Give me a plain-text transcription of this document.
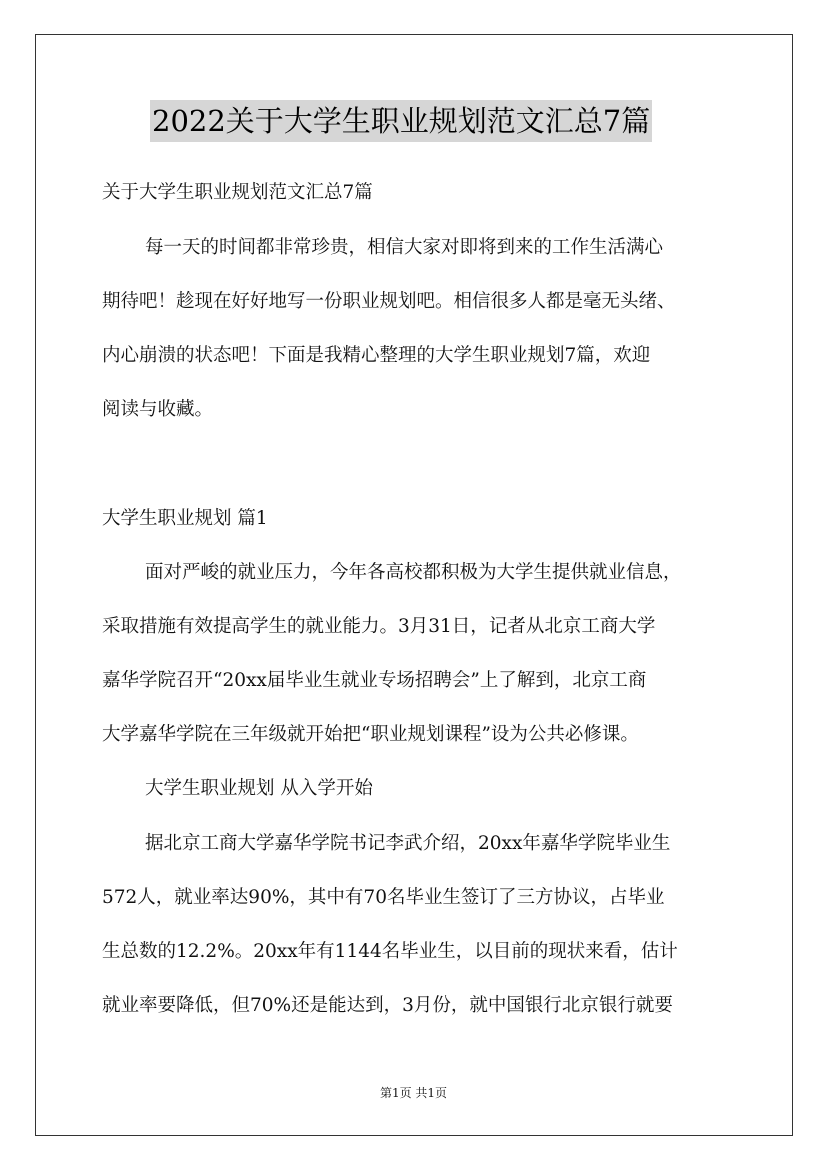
2022关于大学生职业规划范文汇总7篇
关于大学生职业规划范文汇总7篇
每一天的时间都非常珍贵，相信大家对即将到来的工作生活满心
期待吧！趁现在好好地写一份职业规划吧。相信很多人都是毫无头绪、
内心崩溃的状态吧！下面是我精心整理的大学生职业规划7篇，欢迎
阅读与收藏。
大学生职业规划 篇1
面对严峻的就业压力，今年各高校都积极为大学生提供就业信息，
采取措施有效提高学生的就业能力。3月31日，记者从北京工商大学
嘉华学院召开“20xx届毕业生就业专场招聘会”上了解到，北京工商
大学嘉华学院在三年级就开始把“职业规划课程”设为公共必修课。
大学生职业规划 从入学开始
据北京工商大学嘉华学院书记李武介绍，20xx年嘉华学院毕业生
572人，就业率达90%，其中有70名毕业生签订了三方协议，占毕业
生总数的12.2%。20xx年有1144名毕业生，以目前的现状来看，估计
就业率要降低，但70%还是能达到，3月份，就中国银行北京银行就要
第1页 共1页
